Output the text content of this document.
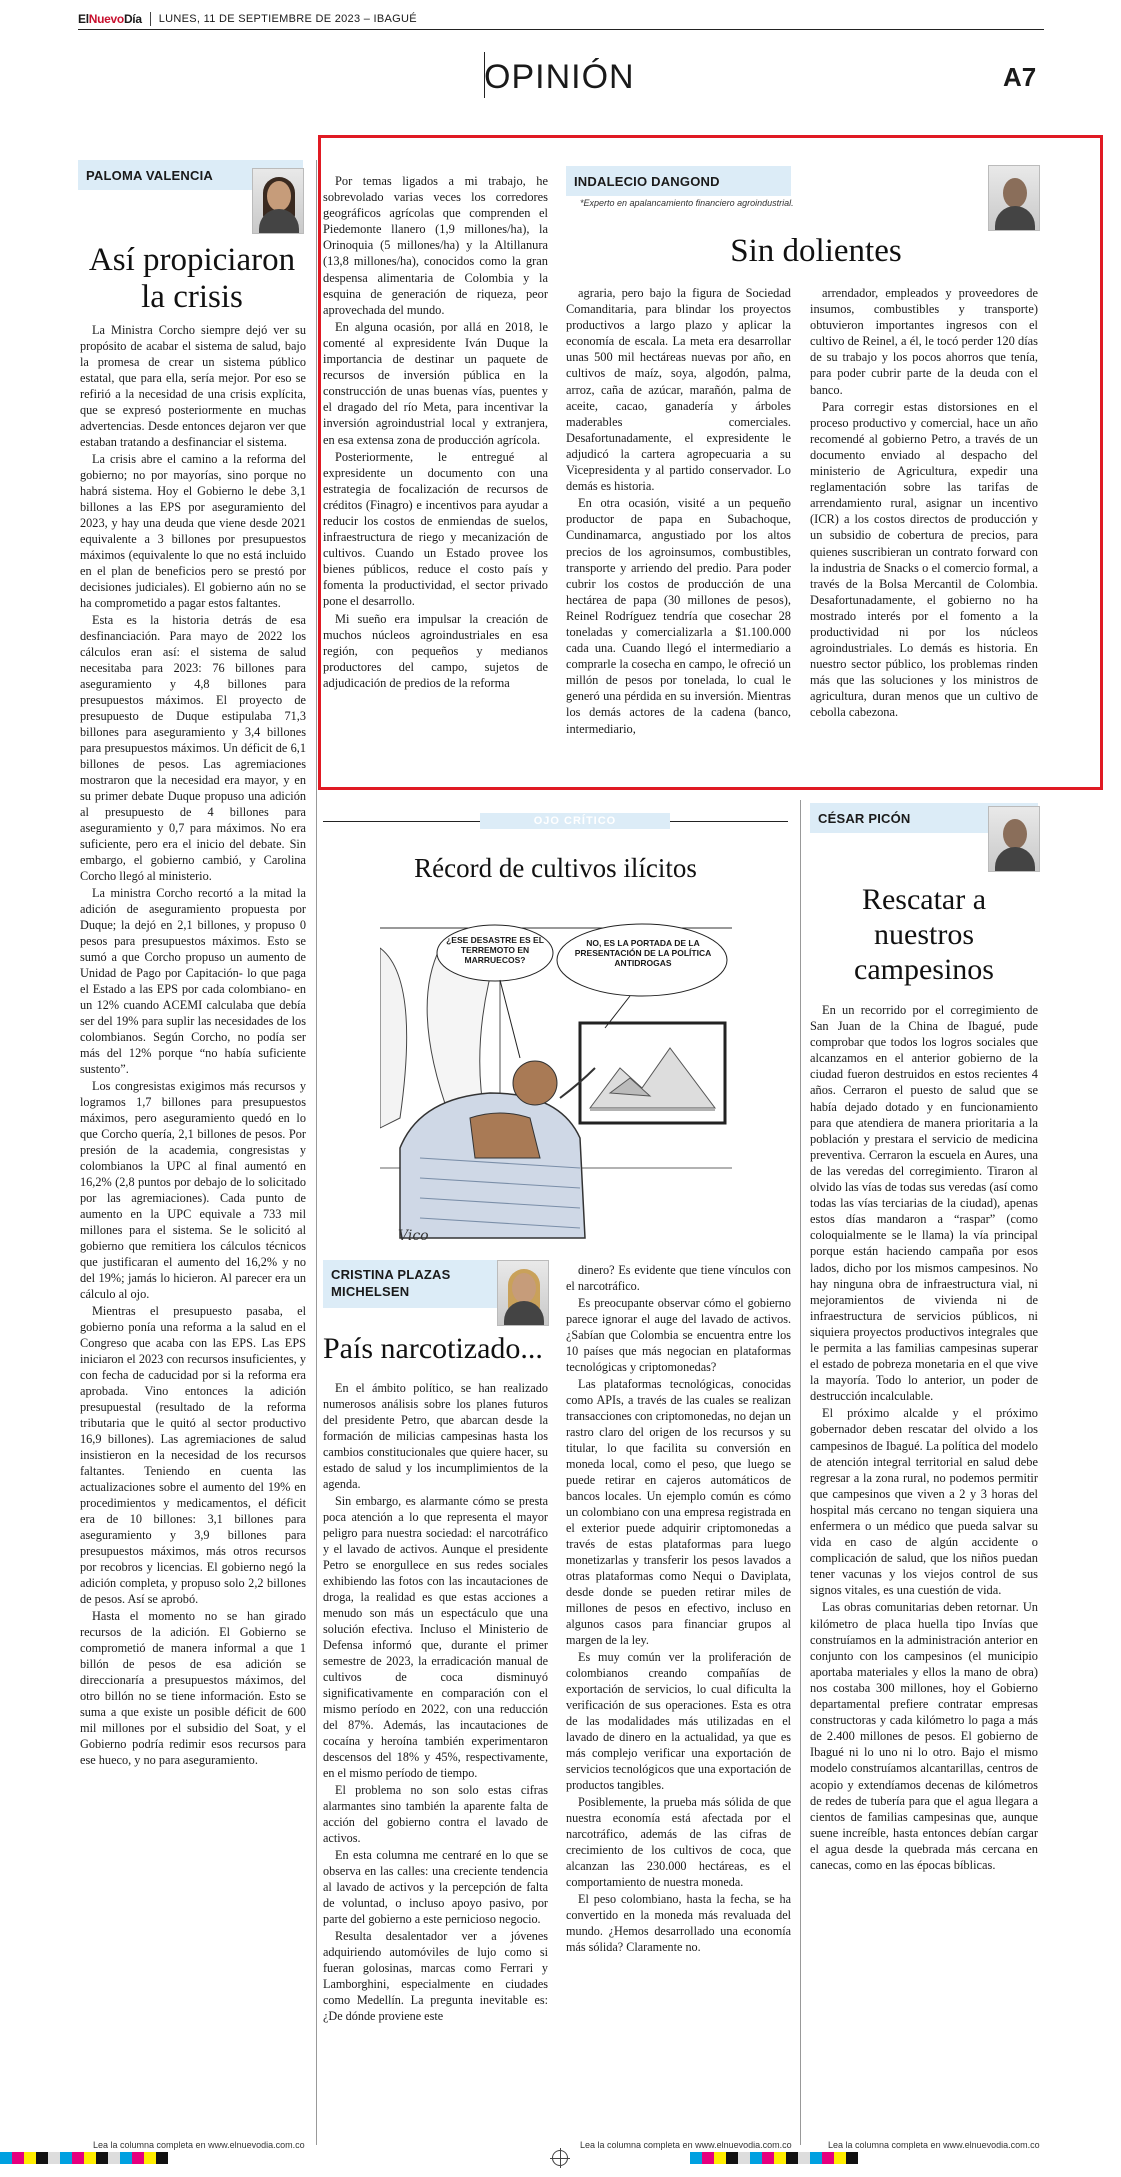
ElNuevoDía	LUNES, 11 DE SEPTIEMBRE DE 2023 – IBAGUÉ
OPINIÓN	A7
PALOMA VALENCIA
Así propiciaron la crisis

La Ministra Corcho siempre dejó ver su propósito de acabar el sistema de salud, bajo la promesa de crear un sistema público estatal, que para ella, sería mejor. Por eso se refirió a la necesidad de una crisis explícita, que se expresó posteriormente en muchas advertencias. Desde entonces dejaron ver que estaban tratando a desfinanciar el sistema.

La crisis abre el camino a la reforma del gobierno; no por mayorías, sino porque no habrá sistema. Hoy el Gobierno le debe 3,1 billones a las EPS por aseguramiento del 2023, y hay una deuda que viene desde 2021 equivalente a 3 billones por presupuestos máximos (equivalente lo que no está incluido en el plan de beneficios pero se prestó por decisiones judiciales). El gobierno aún no se ha comprometido a pagar estos faltantes.

Esta es la historia detrás de esa desfinanciación. Para mayo de 2022 los cálculos eran así: el sistema de salud necesitaba para 2023: 76 billones para aseguramiento y 4,8 billones para presupuestos máximos. El proyecto de presupuesto de Duque estipulaba 71,3 billones para aseguramiento y 3,4 billones para presupuestos máximos. Un déficit de 6,1 billones de pesos. Las agremiaciones mostraron que la necesidad era mayor, y en su primer debate Duque propuso una adición al presupuesto de 4 billones para aseguramiento y 0,7 para máximos. No era suficiente, pero era el inicio del debate. Sin embargo, el gobierno cambió, y Carolina Corcho llegó al ministerio.

La ministra Corcho recortó a la mitad la adición de aseguramiento propuesta por Duque; la dejó en 2,1 billones, y propuso 0 pesos para presupuestos máximos. Esto se sumó a que Corcho propuso un aumento de Unidad de Pago por Capitación- lo que paga el Estado a las EPS por cada colombiano- en un 12% cuando ACEMI calculaba que debía ser del 19% para suplir las necesidades de los colombianos. Según Corcho, no podía ser más del 12% porque “no había suficiente sustento”.

Los congresistas exigimos más recursos y logramos 1,7 billones para presupuestos máximos, pero aseguramiento quedó en lo que Corcho quería, 2,1 billones de pesos. Por presión de la academia, congresistas y colombianos la UPC al final aumentó en 16,2% (2,8 puntos por debajo de lo solicitado por las agremiaciones). Cada punto de aumento en la UPC equivale a 733 mil millones para el sistema. Se le solicitó al gobierno que remitiera los cálculos técnicos que justificaran el aumento del 16,2% y no del 19%; jamás lo hicieron. Al parecer era un cálculo al ojo.

Mientras el presupuesto pasaba, el gobierno ponía una reforma a la salud en el Congreso que acaba con las EPS. Las EPS iniciaron el 2023 con recursos insuficientes, y con fecha de caducidad por si la reforma era aprobada. Vino entonces la adición presupuestal (resultado de la reforma tributaria que le quitó al sector productivo 16,9 billones). Las agremiaciones de salud insistieron en la necesidad de los recursos faltantes. Teniendo en cuenta las actualizaciones sobre el aumento del 19% en procedimientos y medicamentos, el déficit era de 10 billones: 3,1 billones para aseguramiento y 3,9 billones para presupuestos máximos, más otros recursos por recobros y licencias. El gobierno negó la adición completa, y propuso solo 2,2 billones de pesos. Así se aprobó.

Hasta el momento no se han girado recursos de la adición. El Gobierno se comprometió de manera informal a que 1 billón de pesos de esa adición se direccionaría a presupuestos máximos, del otro billón no se tiene información. Esto se suma a que existe un posible déficit de 600 mil millones por el subsidio del Soat, y el Gobierno podría redimir esos recursos para ese hueco, y no para aseguramiento.

Lea la columna completa en www.elnuevodia.com.co

Por temas ligados a mi trabajo, he sobrevolado varias veces los corredores geográficos agrícolas que comprenden el Piedemonte llanero (1,9 millones/ha), la Orinoquia (5 millones/ha) y la Altillanura (13,8 millones/ha), conocidos como la gran despensa alimentaria de Colombia y la esquina de generación de riqueza, peor aprovechada del mundo.

En alguna ocasión, por allá en 2018, le comenté al expresidente Iván Duque la importancia de destinar un paquete de recursos de inversión pública en la construcción de unas buenas vías, puentes y el dragado del río Meta, para incentivar la inversión agroindustrial local y extranjera, en esa extensa zona de producción agrícola.

Posteriormente, le entregué al expresidente un documento con una estrategia de focalización de recursos de créditos (Finagro) e incentivos para ayudar a reducir los costos de enmiendas de suelos, infraestructura de riego y mecanización de cultivos. Cuando un Estado provee los bienes públicos, reduce el costo país y fomenta la productividad, el sector privado pone el desarrollo.

Mi sueño era impulsar la creación de muchos núcleos agroindustriales en esa región, con pequeños y medianos productores del campo, sujetos de adjudicación de predios de la reforma

INDALECIO DANGOND
*Experto en apalancamiento financiero agroindustrial.
Sin dolientes

agraria, pero bajo la figura de Sociedad Comanditaria, para blindar los proyectos productivos a largo plazo y aplicar la economía de escala. La meta era desarrollar unas 500 mil hectáreas nuevas por año, en cultivos de maíz, soya, algodón, palma, arroz, caña de azúcar, marañón, palma de aceite, cacao, ganadería y árboles maderables comerciales. Desafortunadamente, el expresidente le adjudicó la cartera agropecuaria a su Vicepresidenta y al partido conservador. Lo demás es historia.

En otra ocasión, visité a un pequeño productor de papa en Subachoque, Cundinamarca, angustiado por los altos precios de los agroinsumos, combustibles, transporte y arriendo del predio. Para poder cubrir los costos de producción de una hectárea de papa (30 millones de pesos), Reinel Rodríguez tendría que cosechar 28 toneladas y comercializarla a $1.100.000 cada una. Cuando llegó el intermediario a comprarle la cosecha en campo, le ofreció un millón de pesos por tonelada, lo cual le generó una pérdida en su inversión. Mientras los demás actores de la cadena (banco, intermediario,

arrendador, empleados y proveedores de insumos, combustibles y transporte) obtuvieron importantes ingresos con el cultivo de Reinel, a él, le tocó perder 120 días de su trabajo y los pocos ahorros que tenía, para poder cubrir parte de la deuda con el banco.

Para corregir estas distorsiones en el proceso productivo y comercial, hace un año recomendé al gobierno Petro, a través de un documento enviado al despacho del ministerio de Agricultura, expedir una reglamentación sobre las tarifas de arrendamiento rural, asignar un incentivo (ICR) a los costos directos de producción y un subsidio de cobertura de precios, para quienes suscribieran un contrato forward con la industria de Snacks o el comercio formal, a través de la Bolsa Mercantil de Colombia. Desafortunadamente, el gobierno no ha mostrado interés por el fomento a la productividad ni por los núcleos agroindustriales. Lo demás es historia. En nuestro sector público, los problemas rinden más que las soluciones y los ministros de agricultura, duran menos que un cultivo de cebolla cabezona.

OJO CRÍTICO
Récord de cultivos ilícitos
Vico
¿ESE DESASTRE ES EL TERREMOTO EN MARRUECOS?
NO, ES LA PORTADA DE LA PRESENTACIÓN DE LA POLÍTICA ANTIDROGAS
CRISTINA PLAZAS
MICHELSEN
País narcotizado...

En el ámbito político, se han realizado numerosos análisis sobre los planes futuros del presidente Petro, que abarcan desde la formación de milicias campesinas hasta los cambios constitucionales que quiere hacer, su estado de salud y los incumplimientos de la agenda.

Sin embargo, es alarmante cómo se presta poca atención a lo que representa el mayor peligro para nuestra sociedad: el narcotráfico y el lavado de activos. Aunque el presidente Petro se enorgullece en sus redes sociales exhibiendo las fotos con las incautaciones de droga, la realidad es que estas acciones a menudo son más un espectáculo que una solución efectiva. Incluso el Ministerio de Defensa informó que, durante el primer semestre de 2023, la erradicación manual de cultivos de coca disminuyó significativamente en comparación con el mismo período en 2022, con una reducción del 87%. Además, las incautaciones de cocaína y heroína también experimentaron descensos del 18% y 45%, respectivamente, en el mismo período de tiempo.

El problema no son solo estas cifras alarmantes sino también la aparente falta de acción del gobierno contra el lavado de activos.

En esta columna me centraré en lo que se observa en las calles: una creciente tendencia al lavado de activos y la percepción de falta de voluntad, o incluso apoyo pasivo, por parte del gobierno a este pernicioso negocio.

Resulta desalentador ver a jóvenes adquiriendo automóviles de lujo como si fueran golosinas, marcas como Ferrari y Lamborghini, especialmente en ciudades como Medellín. La pregunta inevitable es: ¿De dónde proviene este

dinero? Es evidente que tiene vínculos con el narcotráfico.

Es preocupante observar cómo el gobierno parece ignorar el auge del lavado de activos. ¿Sabían que Colombia se encuentra entre los 10 países que más negocian en plataformas tecnológicas y criptomonedas?

Las plataformas tecnológicas, conocidas como APIs, a través de las cuales se realizan transacciones con criptomonedas, no dejan un rastro claro del origen de los recursos y su titular, lo que facilita su conversión en moneda local, como el peso, que luego se puede retirar en cajeros automáticos de bancos locales. Un ejemplo común es cómo un colombiano con una empresa registrada en el exterior puede adquirir criptomonedas a través de estas plataformas para luego monetizarlas y transferir los pesos lavados a otras plataformas como Nequi o Daviplata, desde donde se pueden retirar miles de millones de pesos en efectivo, incluso en algunos casos para financiar grupos al margen de la ley.

Es muy común ver la proliferación de colombianos creando compañías de exportación de servicios, lo cual dificulta la verificación de sus operaciones. Esta es otra de las modalidades más utilizadas en el lavado de dinero en la actualidad, ya que es más complejo verificar una exportación de servicios tecnológicos que una exportación de productos tangibles.

Posiblemente, la prueba más sólida de que nuestra economía está afectada por el narcotráfico, además de las cifras de crecimiento de los cultivos de coca, que alcanzan las 230.000 hectáreas, es el comportamiento de nuestra moneda.

El peso colombiano, hasta la fecha, se ha convertido en la moneda más revaluada del mundo. ¿Hemos desarrollado una economía más sólida? Claramente no.

Lea la columna completa en www.elnuevodia.com.co
CÉSAR PICÓN
Rescatar a nuestros campesinos

En un recorrido por el corregimiento de San Juan de la China de Ibagué, pude comprobar que todos los logros sociales que alcanzamos en el anterior gobierno de la ciudad fueron destruidos en estos recientes 4 años. Cerraron el puesto de salud que se había dejado dotado y en funcionamiento para que atendiera de manera prioritaria a la población y prestara el servicio de medicina preventiva. Cerraron la escuela en Aures, una de las veredas del corregimiento. Tiraron al olvido las vías de todas sus veredas (así como todas las vías terciarias de la ciudad), apenas estos días mandaron a “raspar” (como coloquialmente se le llama) la vía principal porque están haciendo campaña por esos lados, dicho por los mismos campesinos. No hay ninguna obra de infraestructura vial, ni mejoramientos de vivienda ni de infraestructura de servicios públicos, ni siquiera proyectos productivos integrales que le permita a las familias campesinas superar el estado de pobreza monetaria en el que vive la mayoría. Todo lo anterior, un poder de destrucción incalculable.

El próximo alcalde y el próximo gobernador deben rescatar del olvido a los campesinos de Ibagué. La política del modelo de atención integral territorial en salud debe regresar a la zona rural, no podemos permitir que campesinos que viven a 2 y 3 horas del hospital más cercano no tengan siquiera una enfermera o un médico que pueda salvar su vida en caso de algún accidente o complicación de salud, que los niños puedan tener vacunas y los viejos control de sus signos vitales, es una cuestión de vida.

Las obras comunitarias deben retornar. Un kilómetro de placa huella tipo Invías que construíamos en la administración anterior en conjunto con los campesinos (el municipio aportaba materiales y ellos la mano de obra) nos costaba 300 millones, hoy el Gobierno departamental prefiere contratar empresas constructoras y cada kilómetro lo paga a más de 2.400 millones de pesos. El gobierno de Ibagué ni lo uno ni lo otro. Bajo el mismo modelo construíamos alcantarillas, centros de acopio y extendíamos decenas de kilómetros de redes de tubería para que el agua llegara a cientos de familias campesinas que, aunque suene increíble, hasta entonces debían cargar el agua desde la quebrada más cercana en canecas, como en las épocas bíblicas.

Lea la columna completa en www.elnuevodia.com.co
